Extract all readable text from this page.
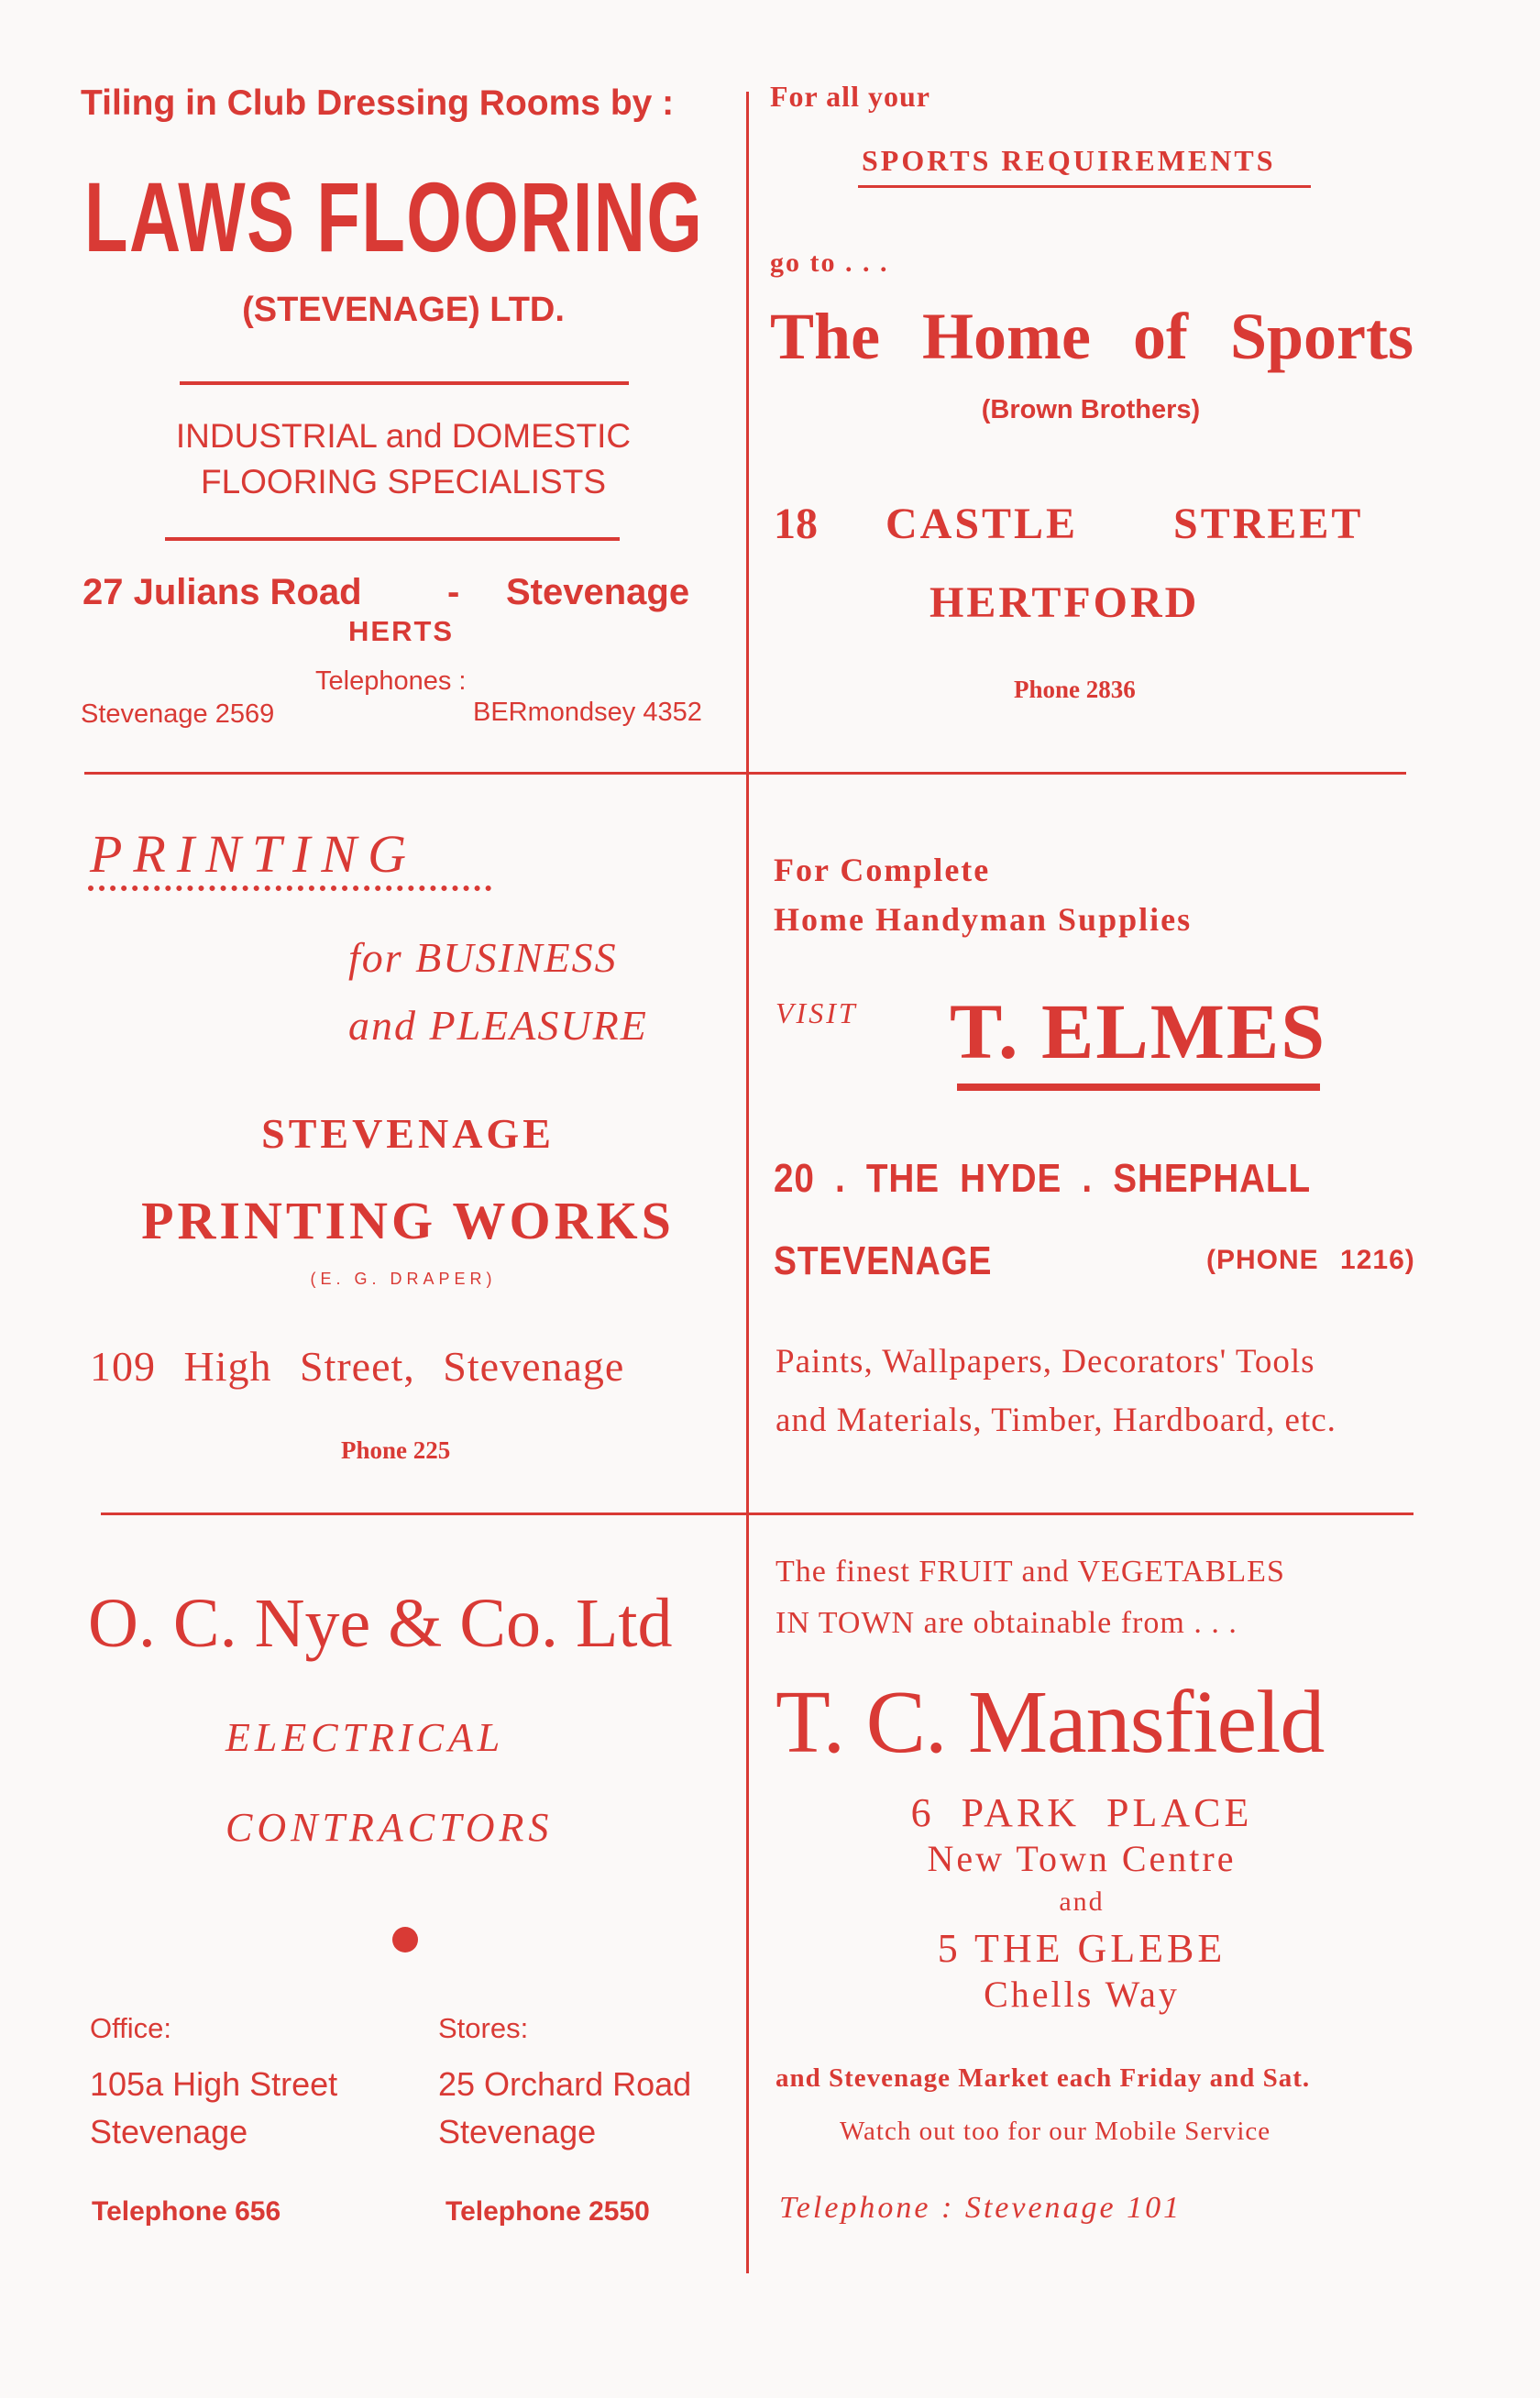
Tiling in Club Dressing Rooms by :
LAWS FLOORING
(STEVENAGE) LTD.
INDUSTRIAL and DOMESTIC
FLOORING SPECIALISTS
27 Julians Road - Stevenage
HERTS
Telephones :
Stevenage 2569	BERmondsey 4352
For all your
SPORTS REQUIREMENTS
go to . . .
The Home of Sports
(Brown Brothers)
18 CASTLE STREET
HERTFORD
Phone 2836
PRINTING
for BUSINESS
and PLEASURE
STEVENAGE
PRINTING WORKS
(E. G. DRAPER)
109 High Street, Stevenage
Phone 225
For Complete
Home Handyman Supplies
VISIT T. ELMES
20 . THE HYDE . SHEPHALL
STEVENAGE	(PHONE 1216)
Paints, Wallpapers, Decorators' Tools
and Materials, Timber, Hardboard, etc.
O. C. Nye & Co. Ltd
ELECTRICAL
CONTRACTORS
Office:
105a High Street
Stevenage
Telephone 656
Stores:
25 Orchard Road
Stevenage
Telephone 2550
The finest FRUIT and VEGETABLES
IN TOWN are obtainable from . . .
T. C. Mansfield
6 PARK PLACE
New Town Centre
and
5 THE GLEBE
Chells Way
and Stevenage Market each Friday and Sat.
Watch out too for our Mobile Service
Telephone : Stevenage 101
